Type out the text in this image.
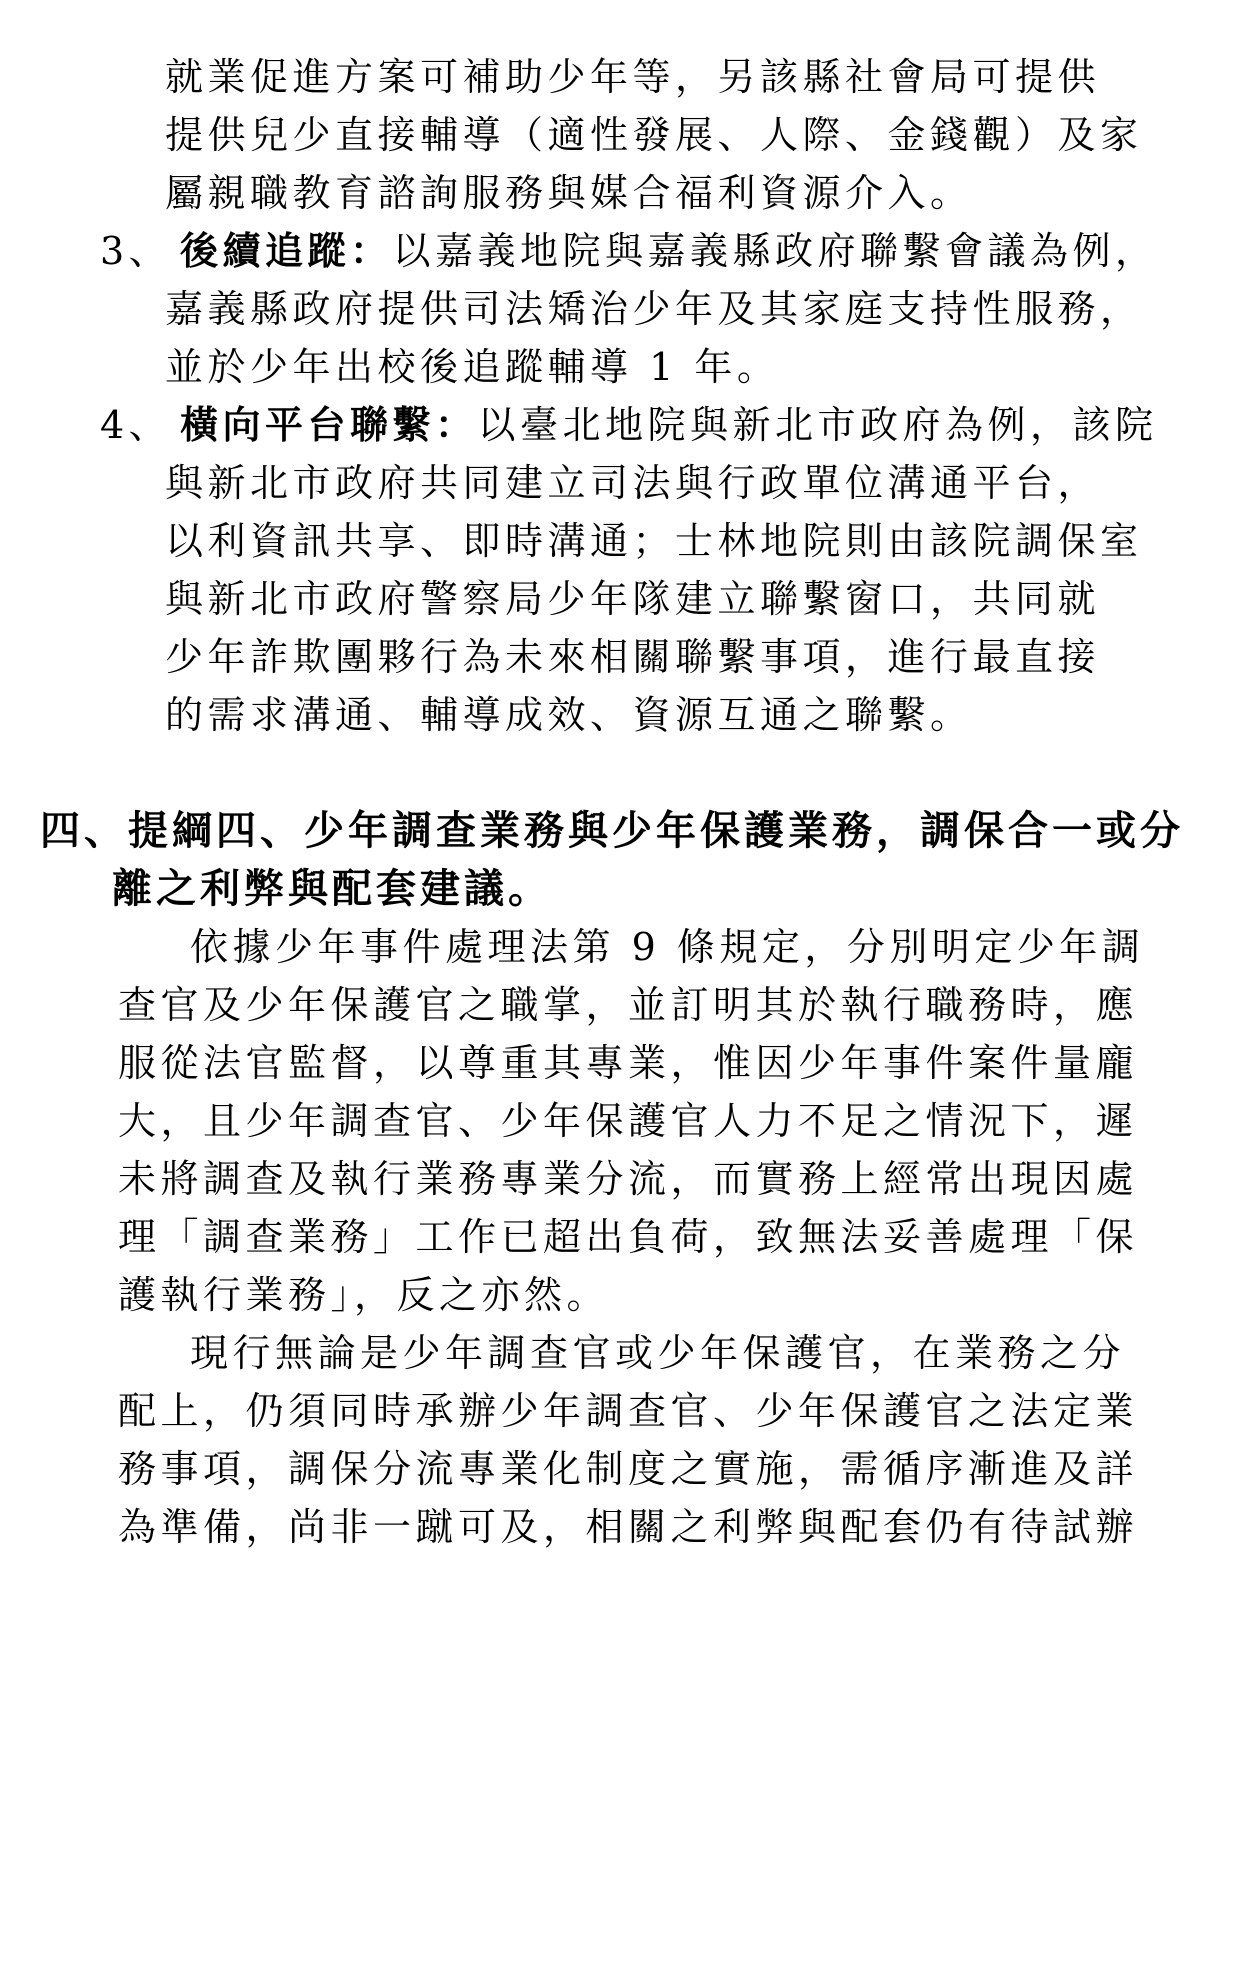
就業促進方案可補助少年等，另該縣社會局可提供
提供兒少直接輔導（適性發展、人際、金錢觀）及家
屬親職教育諮詢服務與媒合福利資源介入。
3、 後續追蹤：以嘉義地院與嘉義縣政府聯繫會議為例，
嘉義縣政府提供司法矯治少年及其家庭支持性服務，
並於少年出校後追蹤輔導 1 年。
4、 橫向平台聯繫：以臺北地院與新北市政府為例，該院
與新北市政府共同建立司法與行政單位溝通平台，
以利資訊共享、即時溝通；士林地院則由該院調保室
與新北市政府警察局少年隊建立聯繫窗口，共同就
少年詐欺團夥行為未來相關聯繫事項，進行最直接
的需求溝通、輔導成效、資源互通之聯繫。
四、提綱四、少年調查業務與少年保護業務，調保合一或分
離之利弊與配套建議。
依據少年事件處理法第 9 條規定，分別明定少年調
查官及少年保護官之職掌，並訂明其於執行職務時，應
服從法官監督，以尊重其專業，惟因少年事件案件量龐
大，且少年調查官、少年保護官人力不足之情況下，遲
未將調查及執行業務專業分流，而實務上經常出現因處
理「調查業務」工作已超出負荷，致無法妥善處理「保
護執行業務」，反之亦然。
現行無論是少年調查官或少年保護官，在業務之分
配上，仍須同時承辦少年調查官、少年保護官之法定業
務事項，調保分流專業化制度之實施，需循序漸進及詳
為準備，尚非一蹴可及，相關之利弊與配套仍有待試辦
